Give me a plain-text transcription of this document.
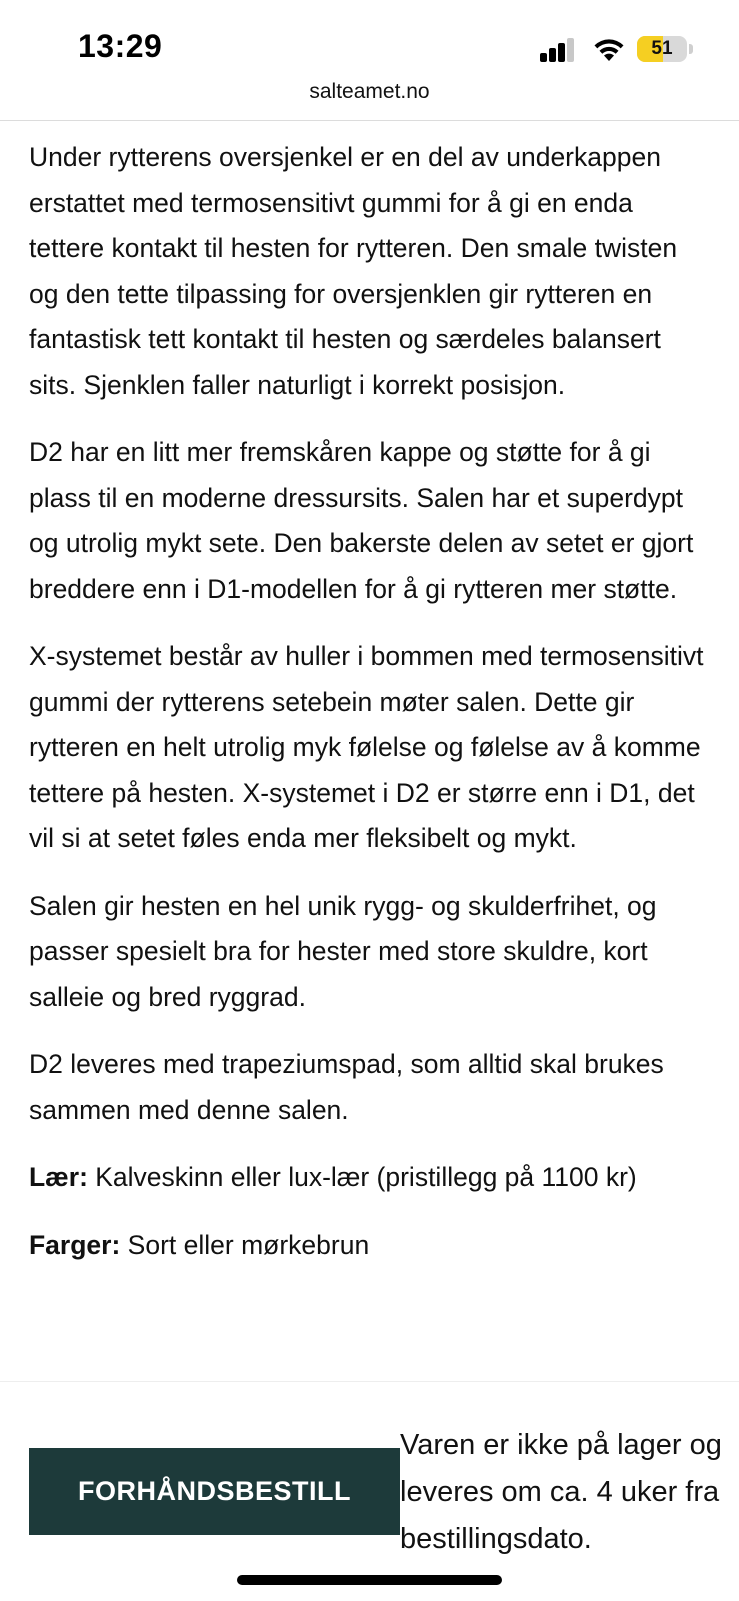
13:29	51
salteamet.no

Under rytterens oversjenkel er en del av underkappen erstattet med termosensitivt gummi for å gi en enda tettere kontakt til hesten for rytteren. Den smale twisten og den tette tilpassing for oversjenklen gir rytteren en fantastisk tett kontakt til hesten og særdeles balansert sits. Sjenklen faller naturligt i korrekt posisjon.

D2 har en litt mer fremskåren kappe og støtte for å gi plass til en moderne dressursits. Salen har et superdypt og utrolig mykt sete. Den bakerste delen av setet er gjort breddere enn i D1-modellen for å gi rytteren mer støtte.

X-systemet består av huller i bommen med termosensitivt gummi der rytterens setebein møter salen. Dette gir rytteren en helt utrolig myk følelse og følelse av å komme tettere på hesten. X-systemet i D2 er større enn i D1, det vil si at setet føles enda mer fleksibelt og mykt.

Salen gir hesten en hel unik rygg- og skulderfrihet, og passer spesielt bra for hester med store skuldre, kort salleie og bred ryggrad.

D2 leveres med trapeziumspad, som alltid skal brukes sammen med denne salen.

Lær: Kalveskinn eller lux-lær (pristillegg på 1100 kr)

Farger: Sort eller mørkebrun

FORHÅNDSBESTILL
Varen er ikke på lager og leveres om ca. 4 uker fra bestillingsdato.
